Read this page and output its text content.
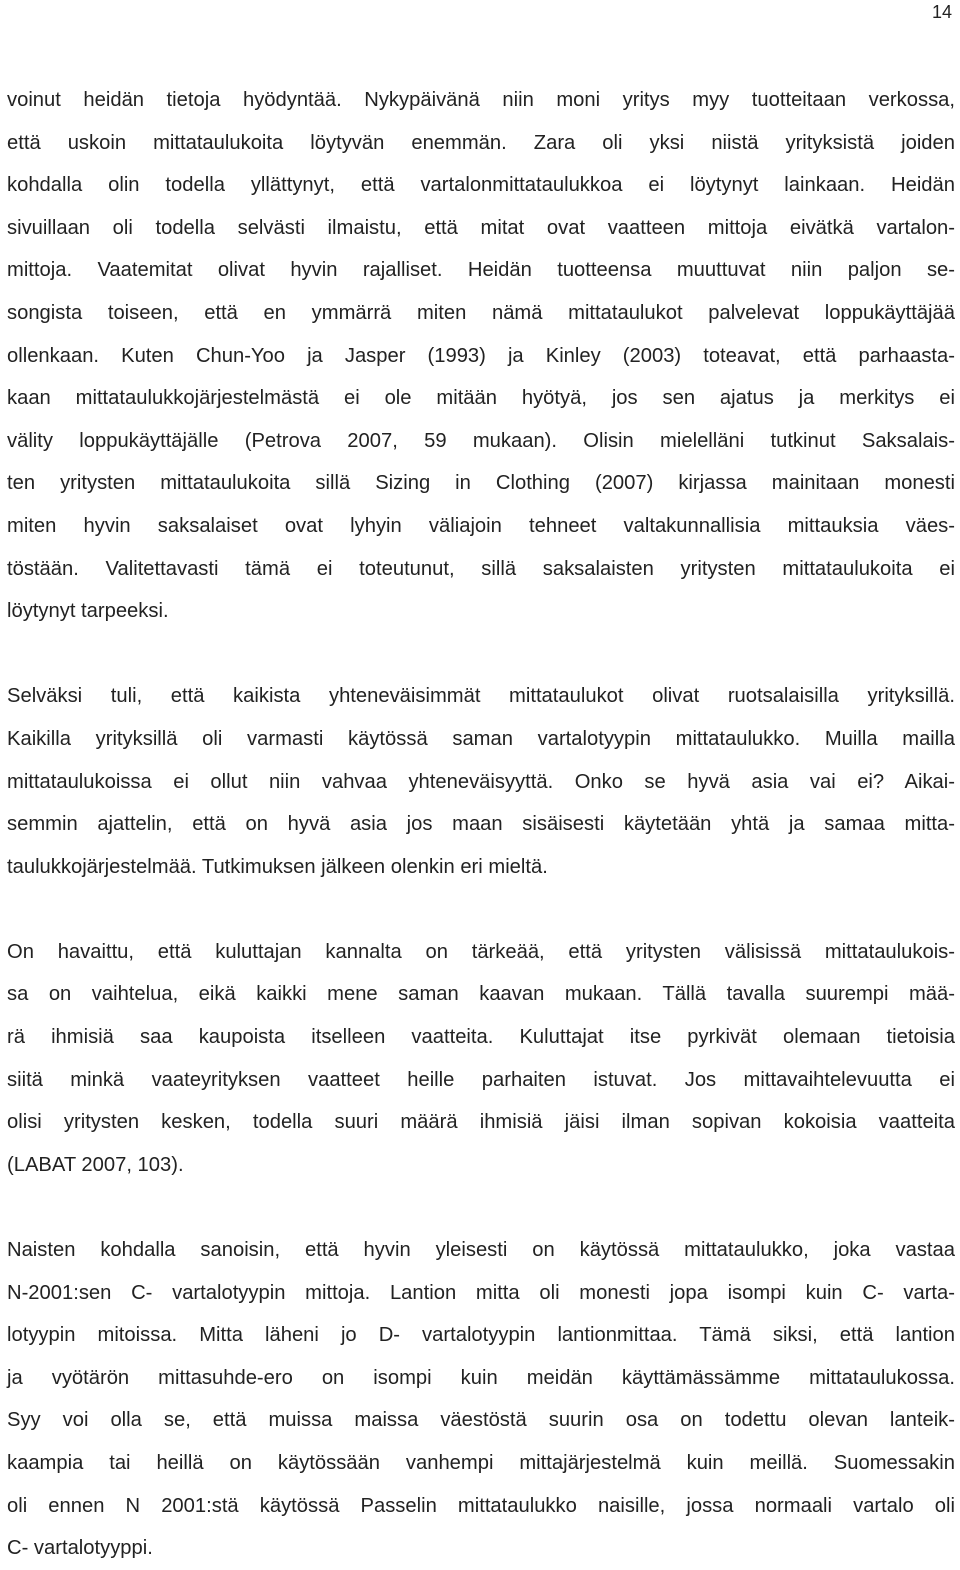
14
voinut heidän tietoja hyödyntää. Nykypäivänä niin moni yritys myy tuotteitaan verkossa,
että uskoin mittataulukoita löytyvän enemmän. Zara oli yksi niistä yrityksistä joiden
kohdalla olin todella yllättynyt, että vartalonmittataulukkoa ei löytynyt lainkaan. Heidän
sivuillaan oli todella selvästi ilmaistu, että mitat ovat vaatteen mittoja eivätkä vartalon-
mittoja. Vaatemitat olivat hyvin rajalliset. Heidän tuotteensa muuttuvat niin paljon se-
songista toiseen, että en ymmärrä miten nämä mittataulukot palvelevat loppukäyttäjää
ollenkaan. Kuten Chun-Yoo ja Jasper (1993) ja Kinley (2003) toteavat, että parhaasta-
kaan mittataulukkojärjestelmästä ei ole mitään hyötyä, jos sen ajatus ja merkitys ei
välity loppukäyttäjälle (Petrova 2007, 59 mukaan). Olisin mielelläni tutkinut Saksalais-
ten yritysten mittataulukoita sillä Sizing in Clothing (2007) kirjassa mainitaan monesti
miten hyvin saksalaiset ovat lyhyin väliajoin tehneet valtakunnallisia mittauksia väes-
töstään. Valitettavasti tämä ei toteutunut, sillä saksalaisten yritysten mittataulukoita ei
löytynyt tarpeeksi.
Selväksi tuli, että kaikista yhteneväisimmät mittataulukot olivat ruotsalaisilla yrityksillä.
Kaikilla yrityksillä oli varmasti käytössä saman vartalotyypin mittataulukko. Muilla mailla
mittataulukoissa ei ollut niin vahvaa yhteneväisyyttä. Onko se hyvä asia vai ei? Aikai-
semmin ajattelin, että on hyvä asia jos maan sisäisesti käytetään yhtä ja samaa mitta-
taulukkojärjestelmää. Tutkimuksen jälkeen olenkin eri mieltä.
On havaittu, että kuluttajan kannalta on tärkeää, että yritysten välisissä mittataulukois-
sa on vaihtelua, eikä kaikki mene saman kaavan mukaan. Tällä tavalla suurempi mää-
rä ihmisiä saa kaupoista itselleen vaatteita. Kuluttajat itse pyrkivät olemaan tietoisia
siitä minkä vaateyrityksen vaatteet heille parhaiten istuvat. Jos mittavaihtelevuutta ei
olisi yritysten kesken, todella suuri määrä ihmisiä jäisi ilman sopivan kokoisia vaatteita
(LABAT 2007, 103).
Naisten kohdalla sanoisin, että hyvin yleisesti on käytössä mittataulukko, joka vastaa
N-2001:sen C- vartalotyypin mittoja. Lantion mitta oli monesti jopa isompi kuin C- varta-
lotyypin mitoissa. Mitta läheni jo D- vartalotyypin lantionmittaa. Tämä siksi, että lantion
ja vyötärön mittasuhde-ero on isompi kuin meidän käyttämässämme mittataulukossa.
Syy voi olla se, että muissa maissa väestöstä suurin osa on todettu olevan lanteik-
kaampia tai heillä on käytössään vanhempi mittajärjestelmä kuin meillä. Suomessakin
oli ennen N 2001:stä käytössä Passelin mittataulukko naisille, jossa normaali vartalo oli
C- vartalotyyppi.
